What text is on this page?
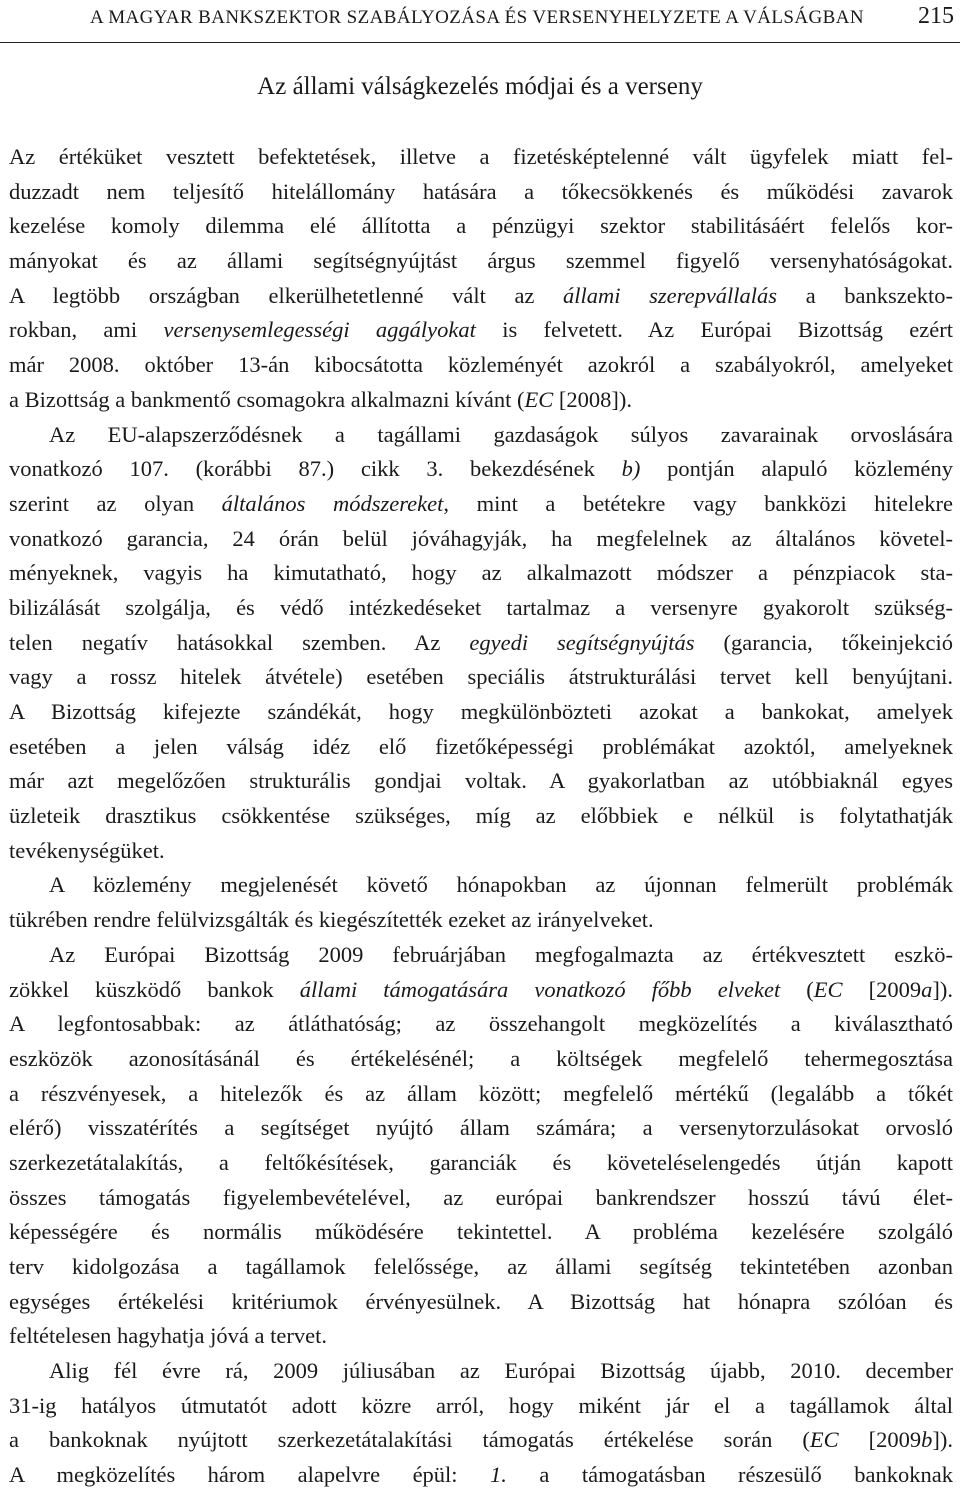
A MAGYAR BANKSZEKTOR SZABÁLYOZÁSA ÉS VERSENYHELYZETE A VÁLSÁGBAN 215
Az állami válságkezelés módjai és a verseny
Az értéküket vesztett befektetések, illetve a fizetésképtelenné vált ügyfelek miatt fel-
duzzadt nem teljesítő hitelállomány hatására a tőkecsökkenés és működési zavarok
kezelése komoly dilemma elé állította a pénzügyi szektor stabilitásáért felelős kor-
mányokat és az állami segítségnyújtást árgus szemmel figyelő versenyhatóságokat.
A legtöbb országban elkerülhetetlenné vált az állami szerepvállalás a bankszekto-
rokban, ami versenysemlegességi aggályokat is felvetett. Az Európai Bizottság ezért
már 2008. október 13-án kibocsátotta közleményét azokról a szabályokról, amelyeket
a Bizottság a bankmentő csomagokra alkalmazni kívánt (EC [2008]).
Az EU-alapszerződésnek a tagállami gazdaságok súlyos zavarainak orvoslására
vonatkozó 107. (korábbi 87.) cikk 3. bekezdésének b) pontján alapuló közlemény
szerint az olyan általános módszereket, mint a betétekre vagy bankközi hitelekre
vonatkozó garancia, 24 órán belül jóváhagyják, ha megfelelnek az általános követel-
ményeknek, vagyis ha kimutatható, hogy az alkalmazott módszer a pénzpiacok sta-
bilizálását szolgálja, és védő intézkedéseket tartalmaz a versenyre gyakorolt szükség-
telen negatív hatásokkal szemben. Az egyedi segítségnyújtás (garancia, tőkeinjekció
vagy a rossz hitelek átvétele) esetében speciális átstrukturálási tervet kell benyújtani.
A Bizottság kifejezte szándékát, hogy megkülönbözteti azokat a bankokat, amelyek
esetében a jelen válság idéz elő fizetőképességi problémákat azoktól, amelyeknek
már azt megelőzően strukturális gondjai voltak. A gyakorlatban az utóbbiaknál egyes
üzleteik drasztikus csökkentése szükséges, míg az előbbiek e nélkül is folytathatják
tevékenységüket.
A közlemény megjelenését követő hónapokban az újonnan felmerült problémák
tükrében rendre felülvizsgálták és kiegészítették ezeket az irányelveket.
Az Európai Bizottság 2009 februárjában megfogalmazta az értékvesztett eszkö-
zökkel küszködő bankok állami támogatására vonatkozó főbb elveket (EC [2009a]).
A legfontosabbak: az átláthatóság; az összehangolt megközelítés a kiválasztható
eszközök azonosításánál és értékelésénél; a költségek megfelelő tehermegosztása
a részvényesek, a hitelezők és az állam között; megfelelő mértékű (legalább a tőkét
elérő) visszatérítés a segítséget nyújtó állam számára; a versenytorzulásokat orvosló
szerkezetátalakítás, a feltőkésítések, garanciák és követeléselengedés útján kapott
összes támogatás figyelembevételével, az európai bankrendszer hosszú távú élet-
képességére és normális működésére tekintettel. A probléma kezelésére szolgáló
terv kidolgozása a tagállamok felelőssége, az állami segítség tekintetében azonban
egységes értékelési kritériumok érvényesülnek. A Bizottság hat hónapra szólóan és
feltételesen hagyhatja jóvá a tervet.
Alig fél évre rá, 2009 júliusában az Európai Bizottság újabb, 2010. december
31-ig hatályos útmutatót adott közre arról, hogy miként jár el a tagállamok által
a bankoknak nyújtott szerkezetátalakítási támogatás értékelése során (EC [2009b]).
A megközelítés három alapelvre épül: 1. a támogatásban részesülő bankoknak
